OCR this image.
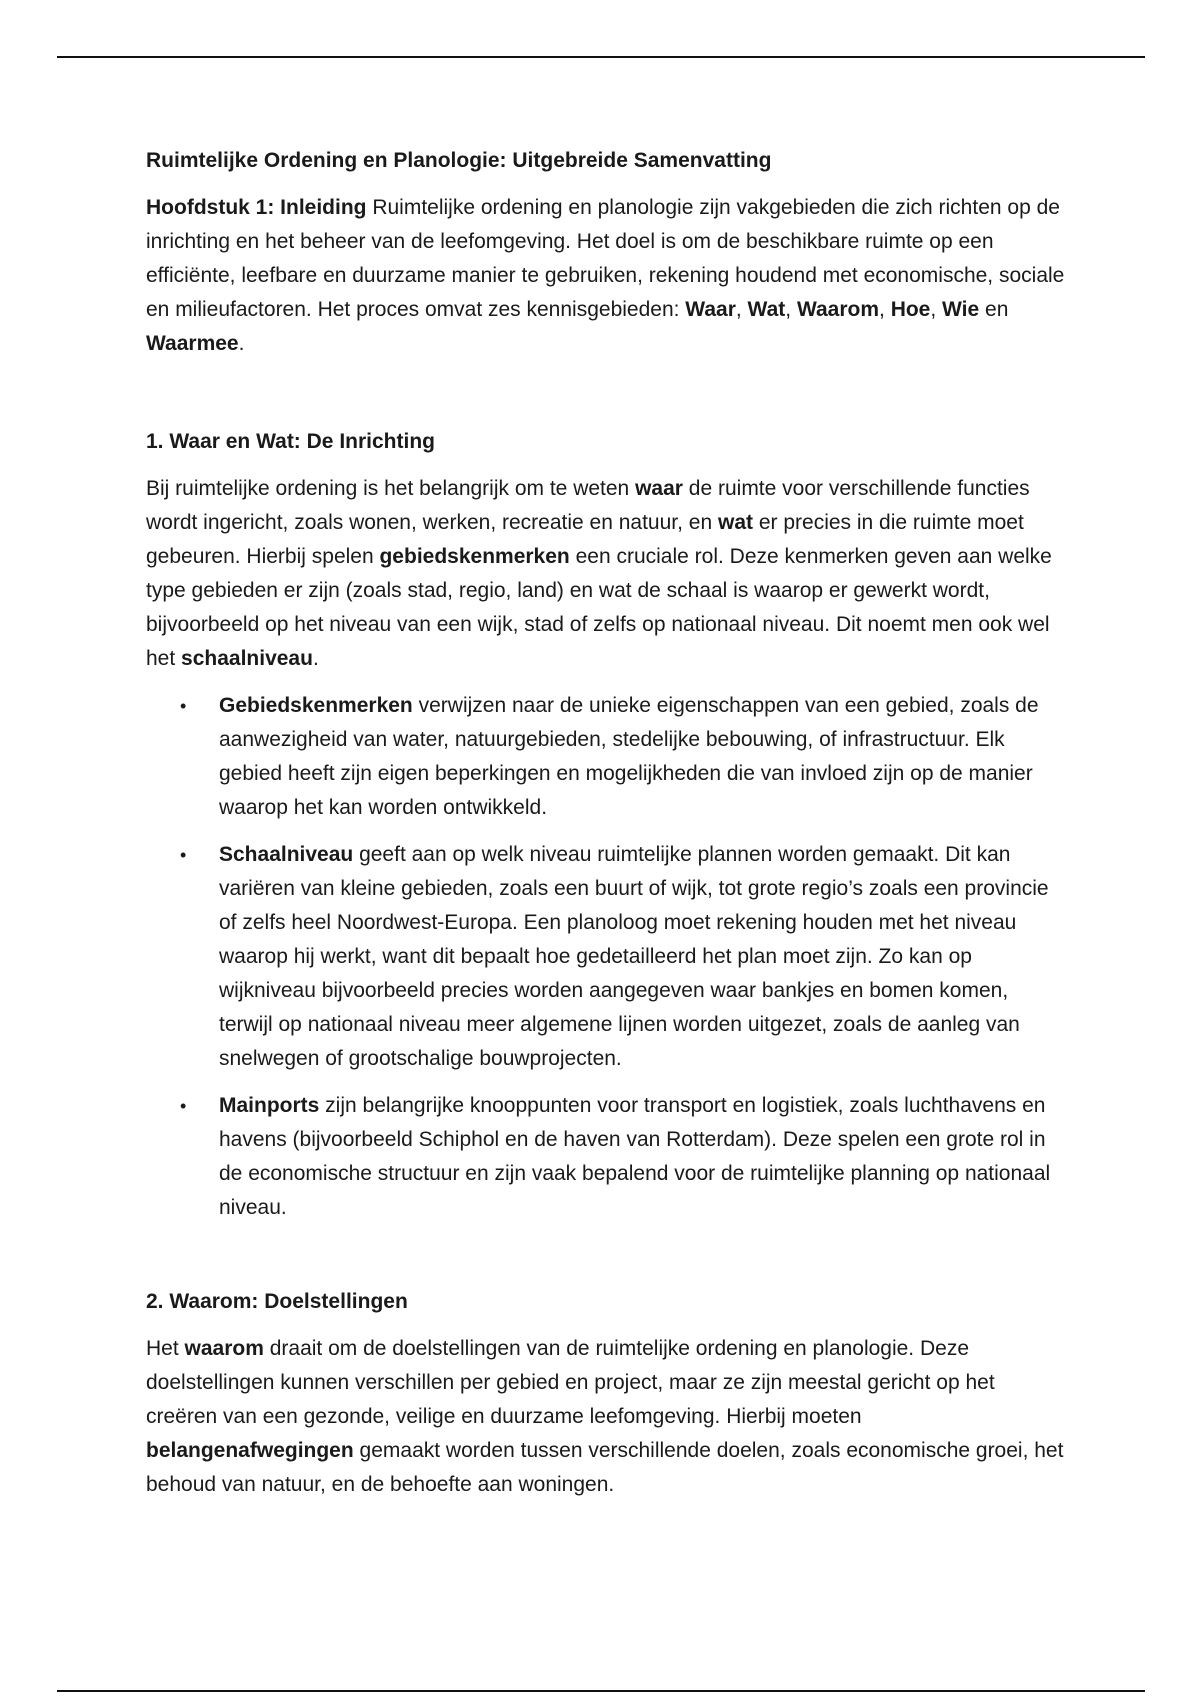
Ruimtelijke Ordening en Planologie: Uitgebreide Samenvatting

Hoofdstuk 1: Inleiding Ruimtelijke ordening en planologie zijn vakgebieden die zich richten op de inrichting en het beheer van de leefomgeving. Het doel is om de beschikbare ruimte op een efficiënte, leefbare en duurzame manier te gebruiken, rekening houdend met economische, sociale en milieufactoren. Het proces omvat zes kennisgebieden: Waar, Wat, Waarom, Hoe, Wie en Waarmee.

1. Waar en Wat: De Inrichting

Bij ruimtelijke ordening is het belangrijk om te weten waar de ruimte voor verschillende functies wordt ingericht, zoals wonen, werken, recreatie en natuur, en wat er precies in die ruimte moet gebeuren. Hierbij spelen gebiedskenmerken een cruciale rol. Deze kenmerken geven aan welke type gebieden er zijn (zoals stad, regio, land) en wat de schaal is waarop er gewerkt wordt, bijvoorbeeld op het niveau van een wijk, stad of zelfs op nationaal niveau. Dit noemt men ook wel het schaalniveau.

• Gebiedskenmerken verwijzen naar de unieke eigenschappen van een gebied, zoals de aanwezigheid van water, natuurgebieden, stedelijke bebouwing, of infrastructuur. Elk gebied heeft zijn eigen beperkingen en mogelijkheden die van invloed zijn op de manier waarop het kan worden ontwikkeld.
• Schaalniveau geeft aan op welk niveau ruimtelijke plannen worden gemaakt. Dit kan variëren van kleine gebieden, zoals een buurt of wijk, tot grote regio’s zoals een provincie of zelfs heel Noordwest-Europa. Een planoloog moet rekening houden met het niveau waarop hij werkt, want dit bepaalt hoe gedetailleerd het plan moet zijn. Zo kan op wijkniveau bijvoorbeeld precies worden aangegeven waar bankjes en bomen komen, terwijl op nationaal niveau meer algemene lijnen worden uitgezet, zoals de aanleg van snelwegen of grootschalige bouwprojecten.
• Mainports zijn belangrijke knooppunten voor transport en logistiek, zoals luchthavens en havens (bijvoorbeeld Schiphol en de haven van Rotterdam). Deze spelen een grote rol in de economische structuur en zijn vaak bepalend voor de ruimtelijke planning op nationaal niveau.
2. Waarom: Doelstellingen

Het waarom draait om de doelstellingen van de ruimtelijke ordening en planologie. Deze doelstellingen kunnen verschillen per gebied en project, maar ze zijn meestal gericht op het creëren van een gezonde, veilige en duurzame leefomgeving. Hierbij moeten belangenafwegingen gemaakt worden tussen verschillende doelen, zoals economische groei, het behoud van natuur, en de behoefte aan woningen.
